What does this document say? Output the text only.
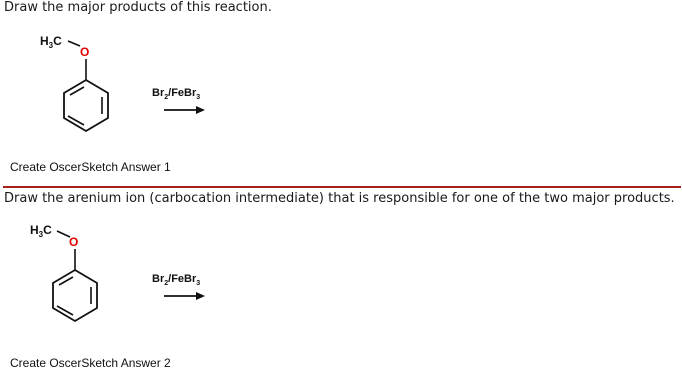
Draw the major products of this reaction.
$H_3C$
O
$Br_2/FeBr_3$
Create OscerSketch Answer 1
Draw the arenium ion (carbocation intermediate) that is responsible for one of the two major products.
$H_3C$
O
$Br_2/FeBr_3$
Create OscerSketch Answer 2
